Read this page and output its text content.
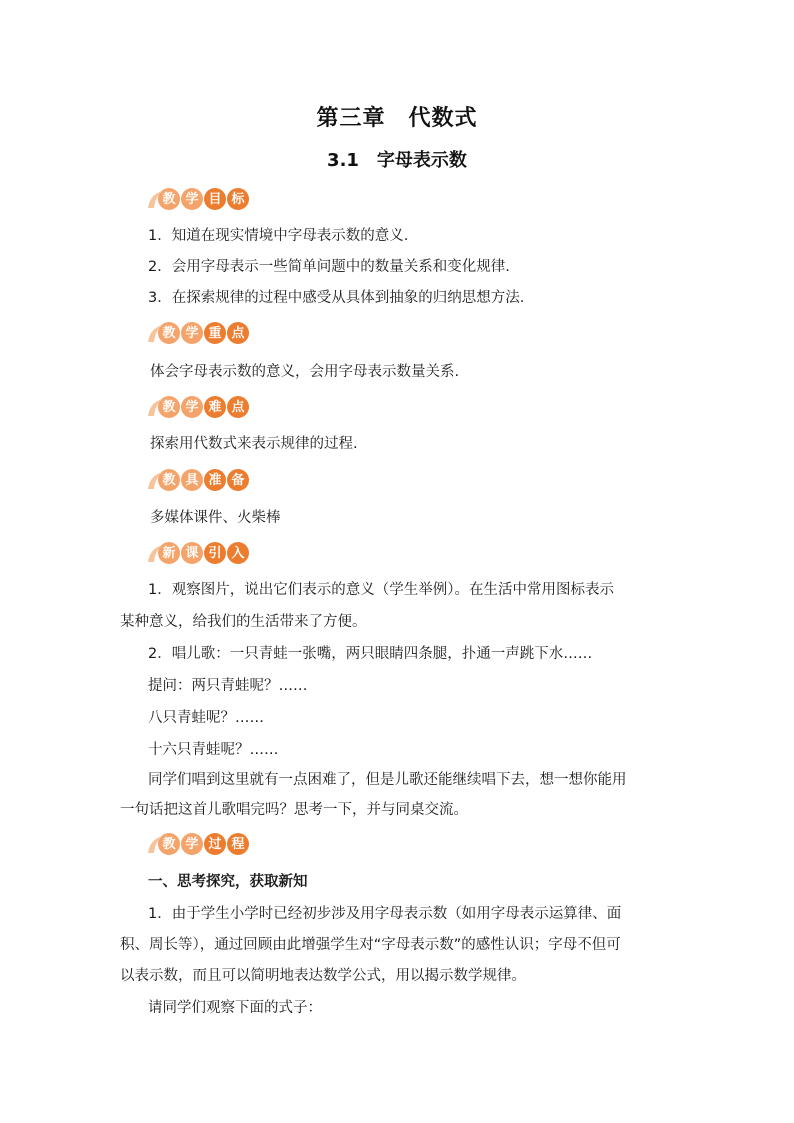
第三章　代数式
3.1　字母表示数
教 学 目 标
1．知道在现实情境中字母表示数的意义.
2．会用字母表示一些简单问题中的数量关系和变化规律.
3．在探索规律的过程中感受从具体到抽象的归纳思想方法.
教 学 重 点
体会字母表示数的意义，会用字母表示数量关系.
教 学 难 点
探索用代数式来表示规律的过程.
教 具 准 备
多媒体课件、火柴棒
新 课 引 入
1．观察图片，说出它们表示的意义（学生举例）。在生活中常用图标表示
某种意义，给我们的生活带来了方便。
2．唱儿歌：一只青蛙一张嘴，两只眼睛四条腿，扑通一声跳下水……
提问：两只青蛙呢？……
八只青蛙呢？……
十六只青蛙呢？……
同学们唱到这里就有一点困难了，但是儿歌还能继续唱下去，想一想你能用
一句话把这首儿歌唱完吗？思考一下，并与同桌交流。
教 学 过 程
一、思考探究，获取新知
1．由于学生小学时已经初步涉及用字母表示数（如用字母表示运算律、面
积、周长等），通过回顾由此增强学生对“字母表示数”的感性认识；字母不但可
以表示数，而且可以简明地表达数学公式，用以揭示数学规律。
请同学们观察下面的式子：
